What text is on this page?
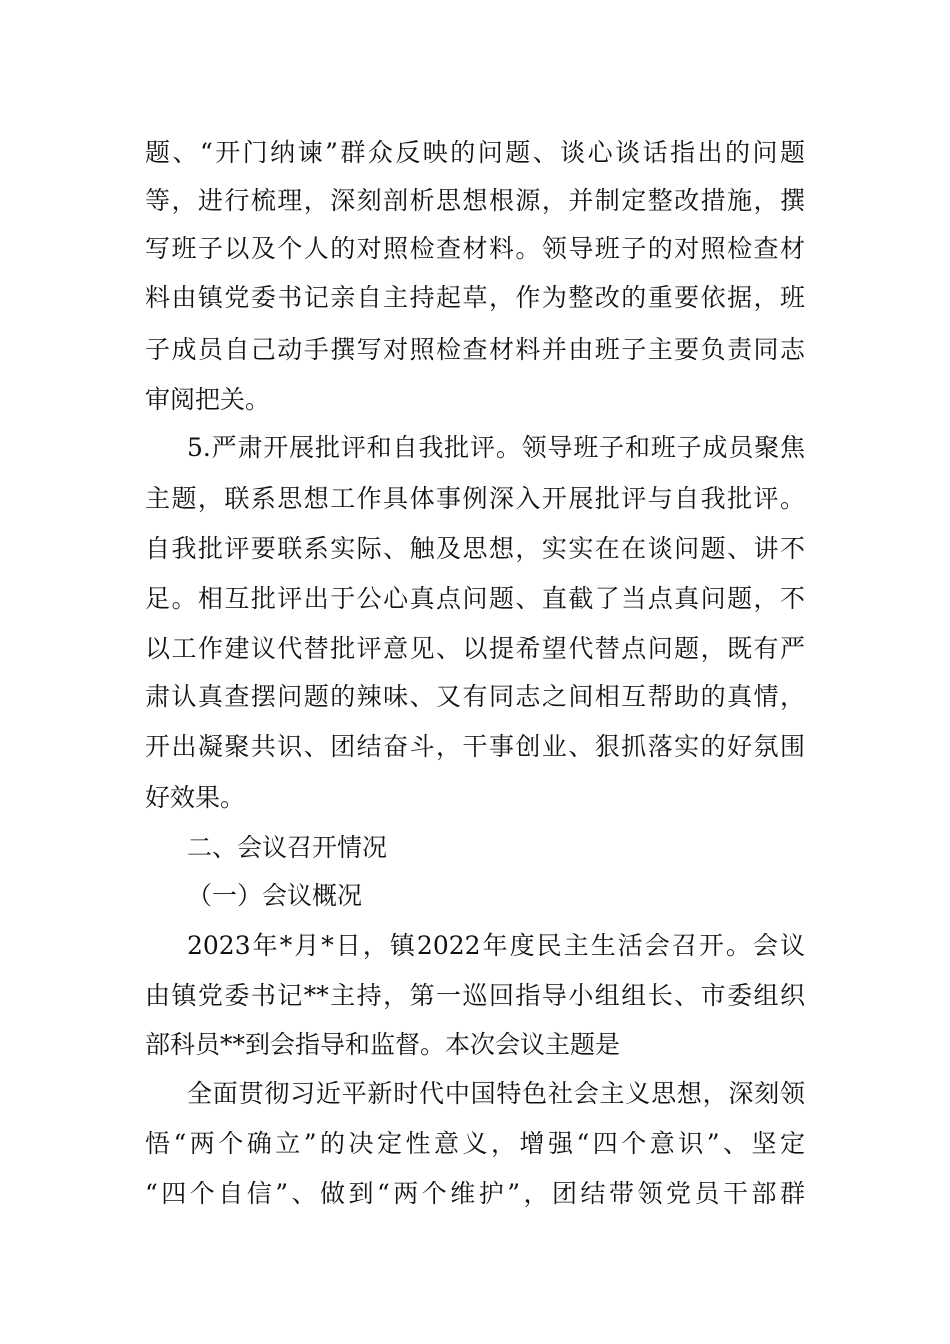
题、“开门纳谏”群众反映的问题、谈心谈话指出的问题
等，进行梳理，深刻剖析思想根源，并制定整改措施，撰
写班子以及个人的对照检查材料。领导班子的对照检查材
料由镇党委书记亲自主持起草，作为整改的重要依据，班
子成员自己动手撰写对照检查材料并由班子主要负责同志
审阅把关。
5.严肃开展批评和自我批评。领导班子和班子成员聚焦
主题，联系思想工作具体事例深入开展批评与自我批评。
自我批评要联系实际、触及思想，实实在在谈问题、讲不
足。相互批评出于公心真点问题、直截了当点真问题，不
以工作建议代替批评意见、以提希望代替点问题，既有严
肃认真查摆问题的辣味、又有同志之间相互帮助的真情，
开出凝聚共识、团结奋斗，干事创业、狠抓落实的好氛围
好效果。
二、会议召开情况
（一）会议概况
2023年*月*日，镇2022年度民主生活会召开。会议
由镇党委书记**主持，第一巡回指导小组组长、市委组织
部科员**到会指导和监督。本次会议主题是
全面贯彻习近平新时代中国特色社会主义思想，深刻领
悟“两个确立”的决定性意义，增强“四个意识”、坚定
“四个自信”、做到“两个维护”，团结带领党员干部群
